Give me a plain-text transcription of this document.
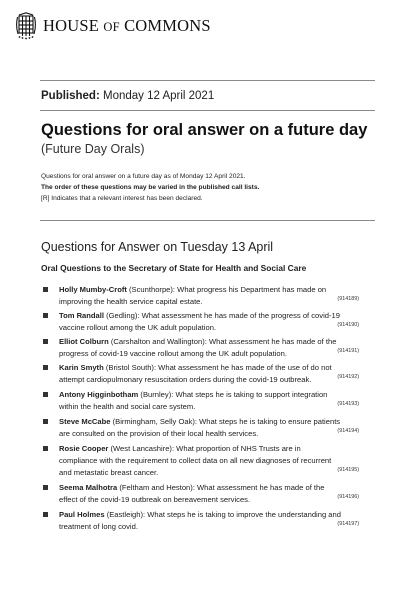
HOUSE OF COMMONS
Published: Monday 12 April 2021
Questions for oral answer on a future day
(Future Day Orals)
Questions for oral answer on a future day as of Monday 12 April 2021.
The order of these questions may be varied in the published call lists.
[R] Indicates that a relevant interest has been declared.
Questions for Answer on Tuesday 13 April
Oral Questions to the Secretary of State for Health and Social Care
Holly Mumby-Croft (Scunthorpe): What progress his Department has made on improving the health service capital estate.	(914189)
Tom Randall (Gedling): What assessment he has made of the progress of covid-19 vaccine rollout among the UK adult population.	(914190)
Elliot Colburn (Carshalton and Wallington): What assessment he has made of the progress of covid-19 vaccine rollout among the UK adult population.	(914191)
Karin Smyth (Bristol South): What assessment he has made of the use of do not attempt cardiopulmonary resuscitation orders during the covid-19 outbreak.	(914192)
Antony Higginbotham (Burnley): What steps he is taking to support integration within the health and social care system.	(914193)
Steve McCabe (Birmingham, Selly Oak): What steps he is taking to ensure patients are consulted on the provision of their local health services.	(914194)
Rosie Cooper (West Lancashire): What proportion of NHS Trusts are in compliance with the requirement to collect data on all new diagnoses of recurrent and metastatic breast cancer.	(914195)
Seema Malhotra (Feltham and Heston): What assessment he has made of the effect of the covid-19 outbreak on bereavement services.	(914196)
Paul Holmes (Eastleigh): What steps he is taking to improve the understanding and treatment of long covid.	(914197)
